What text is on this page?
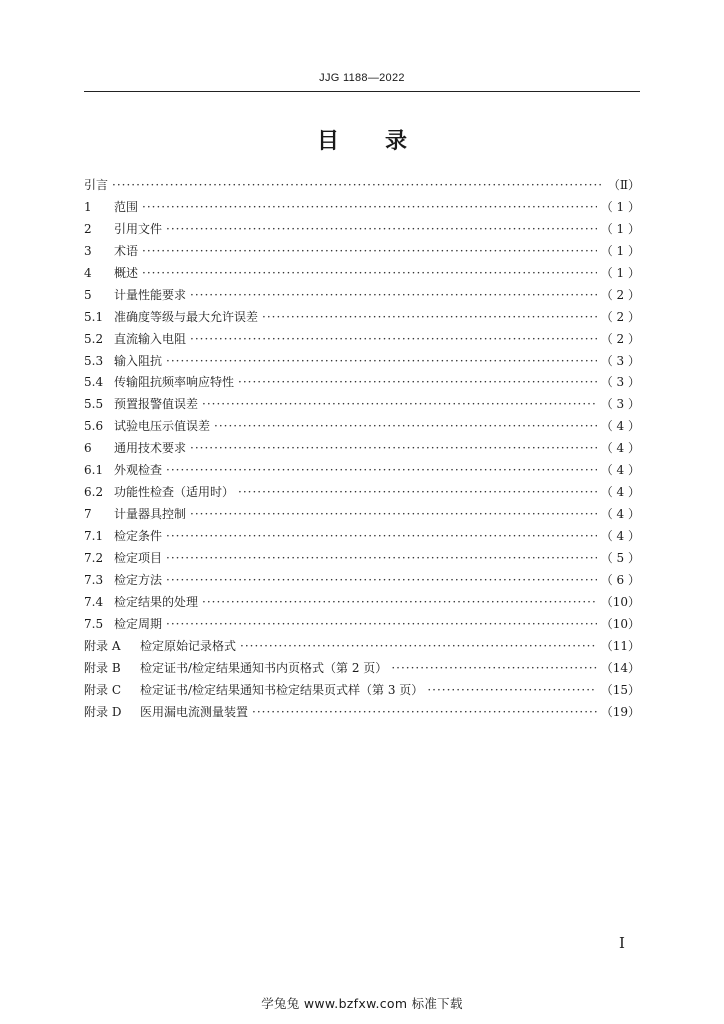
JJG 1188—2022
目 录
引言 ·····	（Ⅱ）
1	范围 ·····	（ 1 ）
2	引用文件 ·····	（ 1 ）
3	术语 ·····	（ 1 ）
4	概述 ·····	（ 1 ）
5	计量性能要求 ·····	（ 2 ）
5.1 准确度等级与最大允许误差 ·····	（ 2 ）
5.2 直流输入电阻 ·····	（ 2 ）
5.3 输入阻抗 ·····	（ 3 ）
5.4 传输阻抗频率响应特性 ·····	（ 3 ）
5.5 预置报警值误差 ·····	（ 3 ）
5.6 试验电压示值误差 ·····	（ 4 ）
6	通用技术要求 ·····	（ 4 ）
6.1 外观检查 ·····	（ 4 ）
6.2 功能性检查（适用时） ·····	（ 4 ）
7	计量器具控制 ·····	（ 4 ）
7.1 检定条件 ·····	（ 4 ）
7.2 检定项目 ·····	（ 5 ）
7.3 检定方法 ·····	（ 6 ）
7.4 检定结果的处理 ·····	（10）
7.5 检定周期 ·····	（10）
附录 A	检定原始记录格式 ·····	（11）
附录 B	检定证书/检定结果通知书内页格式（第 2 页） ·····	（14）
附录 C	检定证书/检定结果通知书检定结果页式样（第 3 页） ·····	（15）
附录 D	医用漏电流测量装置 ·····	（19）
I
学兔兔 www.bzfxw.com 标准下载
